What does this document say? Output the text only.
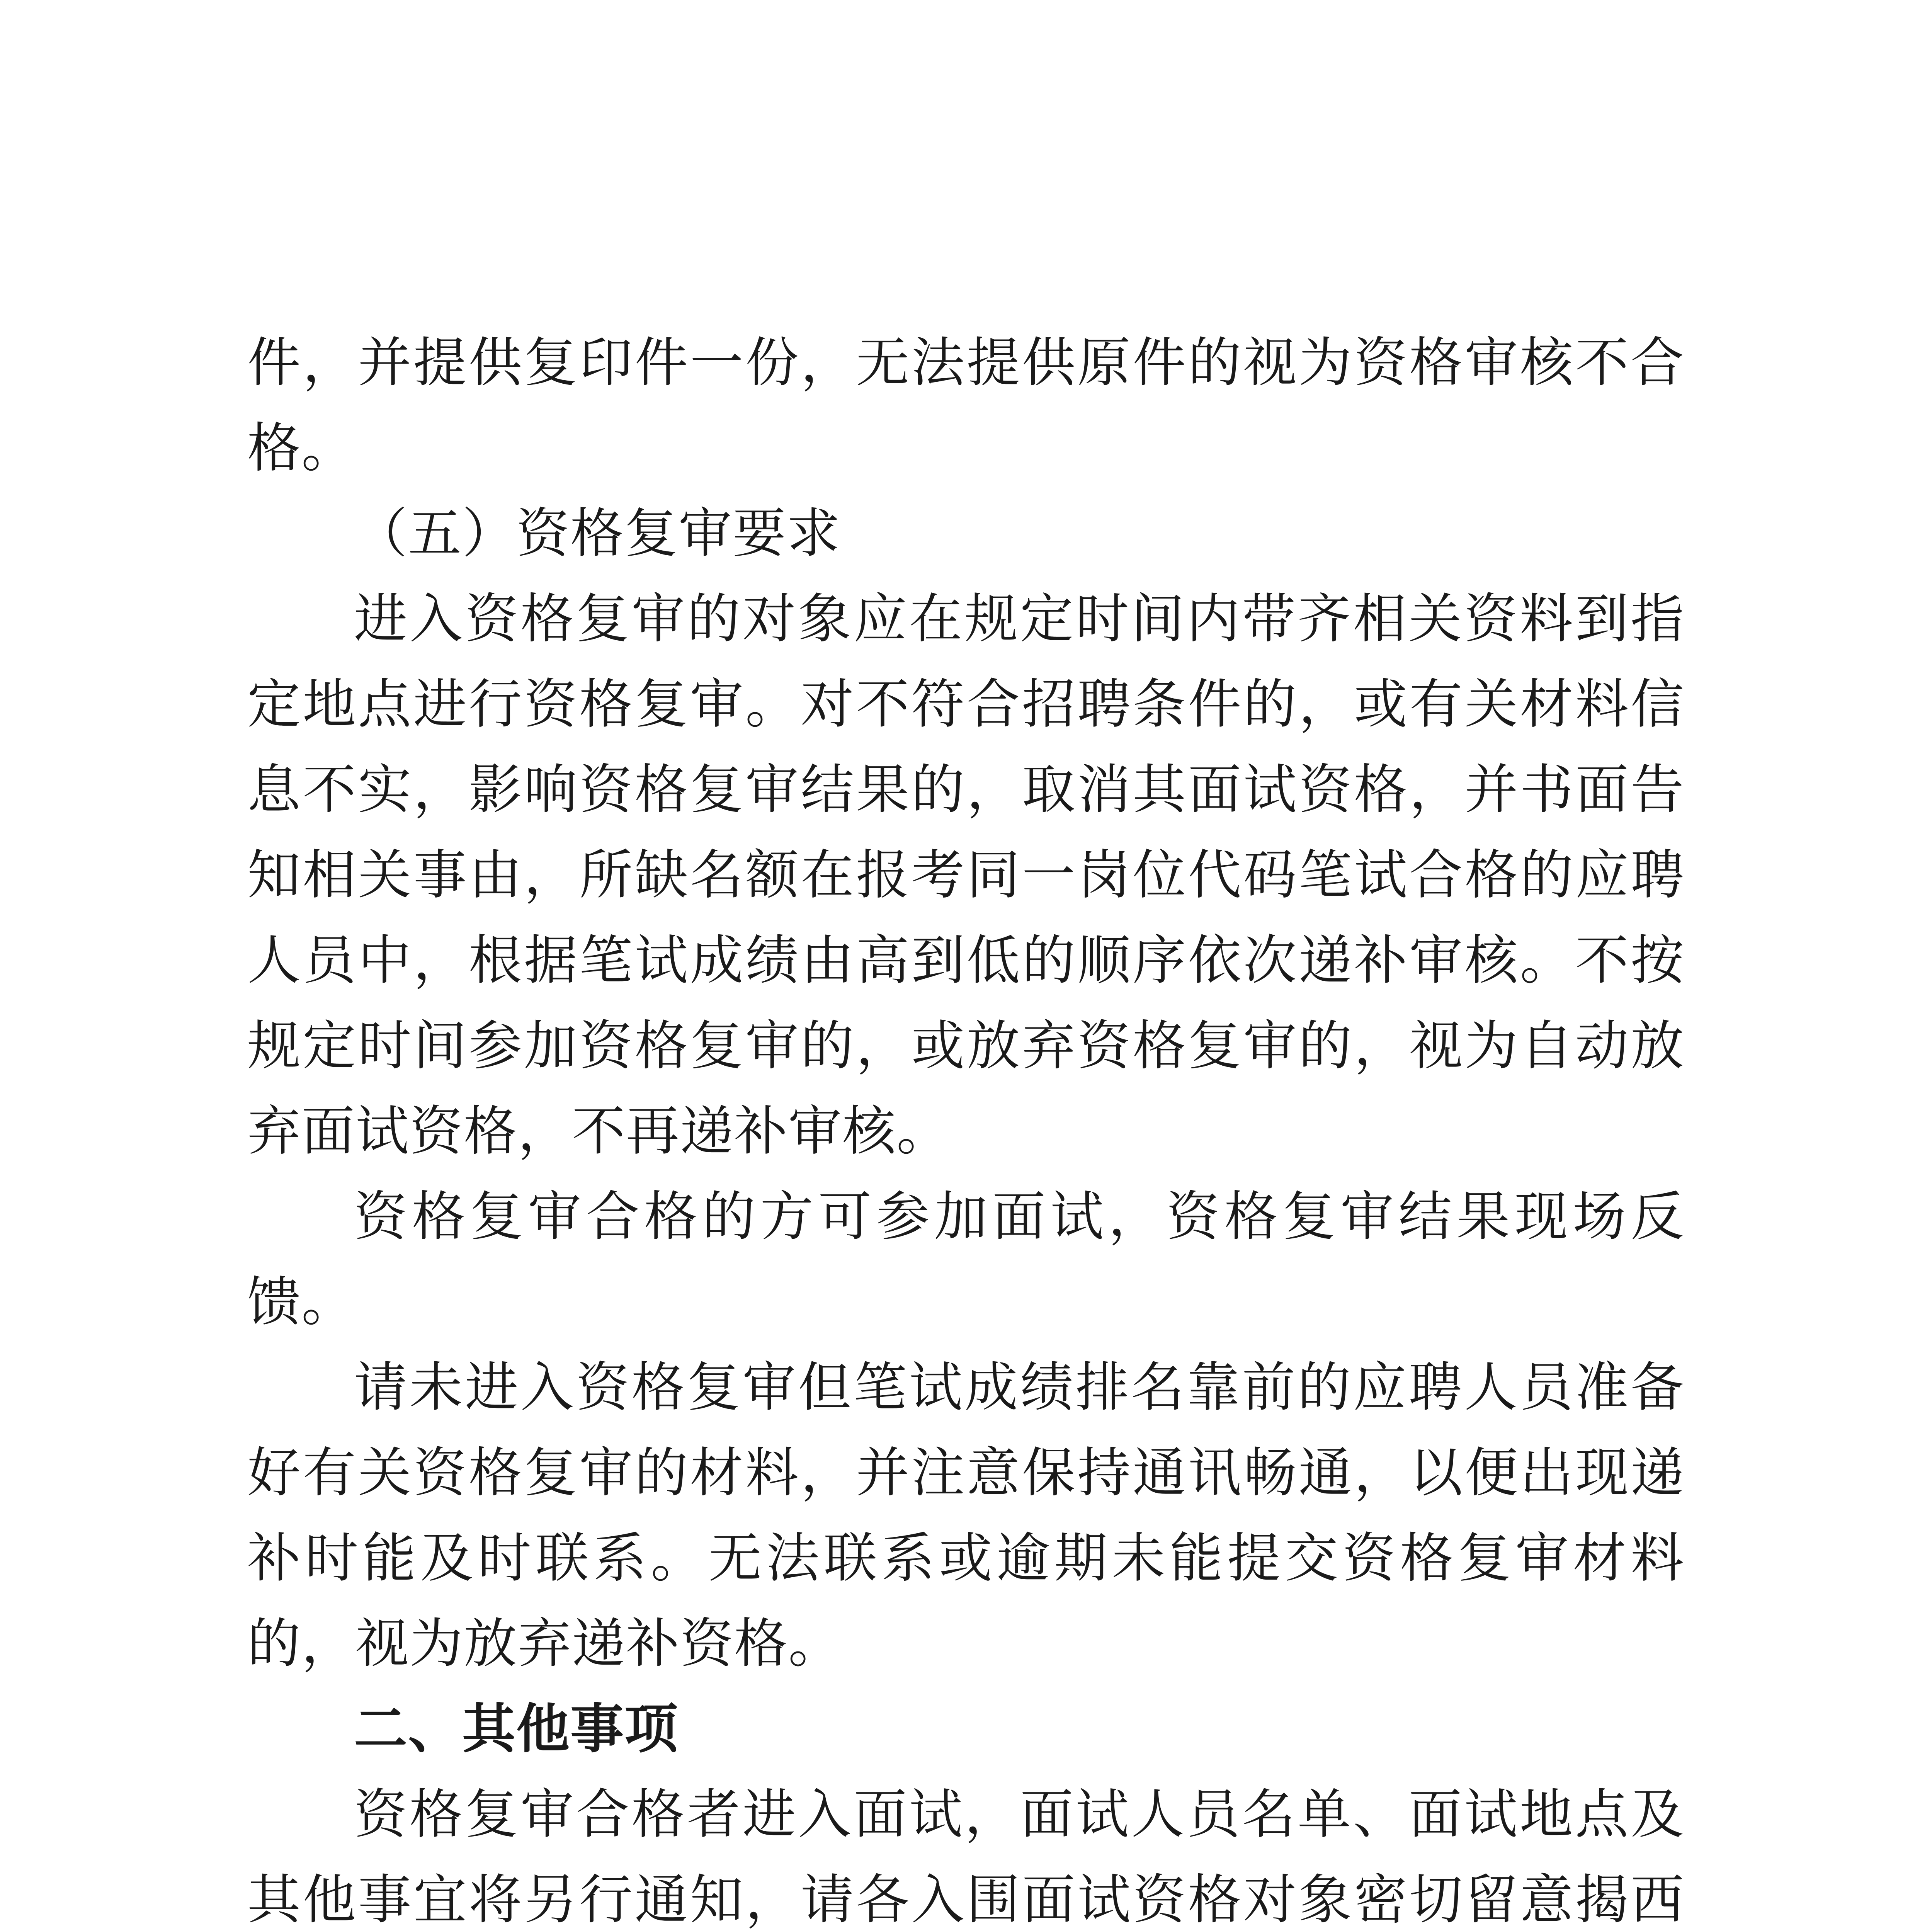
件，并提供复印件一份，无法提供原件的视为资格审核不合格。

（五）资格复审要求

进入资格复审的对象应在规定时间内带齐相关资料到指定地点进行资格复审。对不符合招聘条件的，或有关材料信息不实，影响资格复审结果的，取消其面试资格，并书面告知相关事由，所缺名额在报考同一岗位代码笔试合格的应聘人员中，根据笔试成绩由高到低的顺序依次递补审核。不按规定时间参加资格复审的，或放弃资格复审的，视为自动放弃面试资格，不再递补审核。

资格复审合格的方可参加面试，资格复审结果现场反馈。

请未进入资格复审但笔试成绩排名靠前的应聘人员准备好有关资格复审的材料，并注意保持通讯畅通，以便出现递补时能及时联系。无法联系或逾期未能提交资格复审材料的，视为放弃递补资格。

二、其他事项

资格复审合格者进入面试，面试人员名单、面试地点及其他事宜将另行通知，请各入围面试资格对象密切留意揭西
